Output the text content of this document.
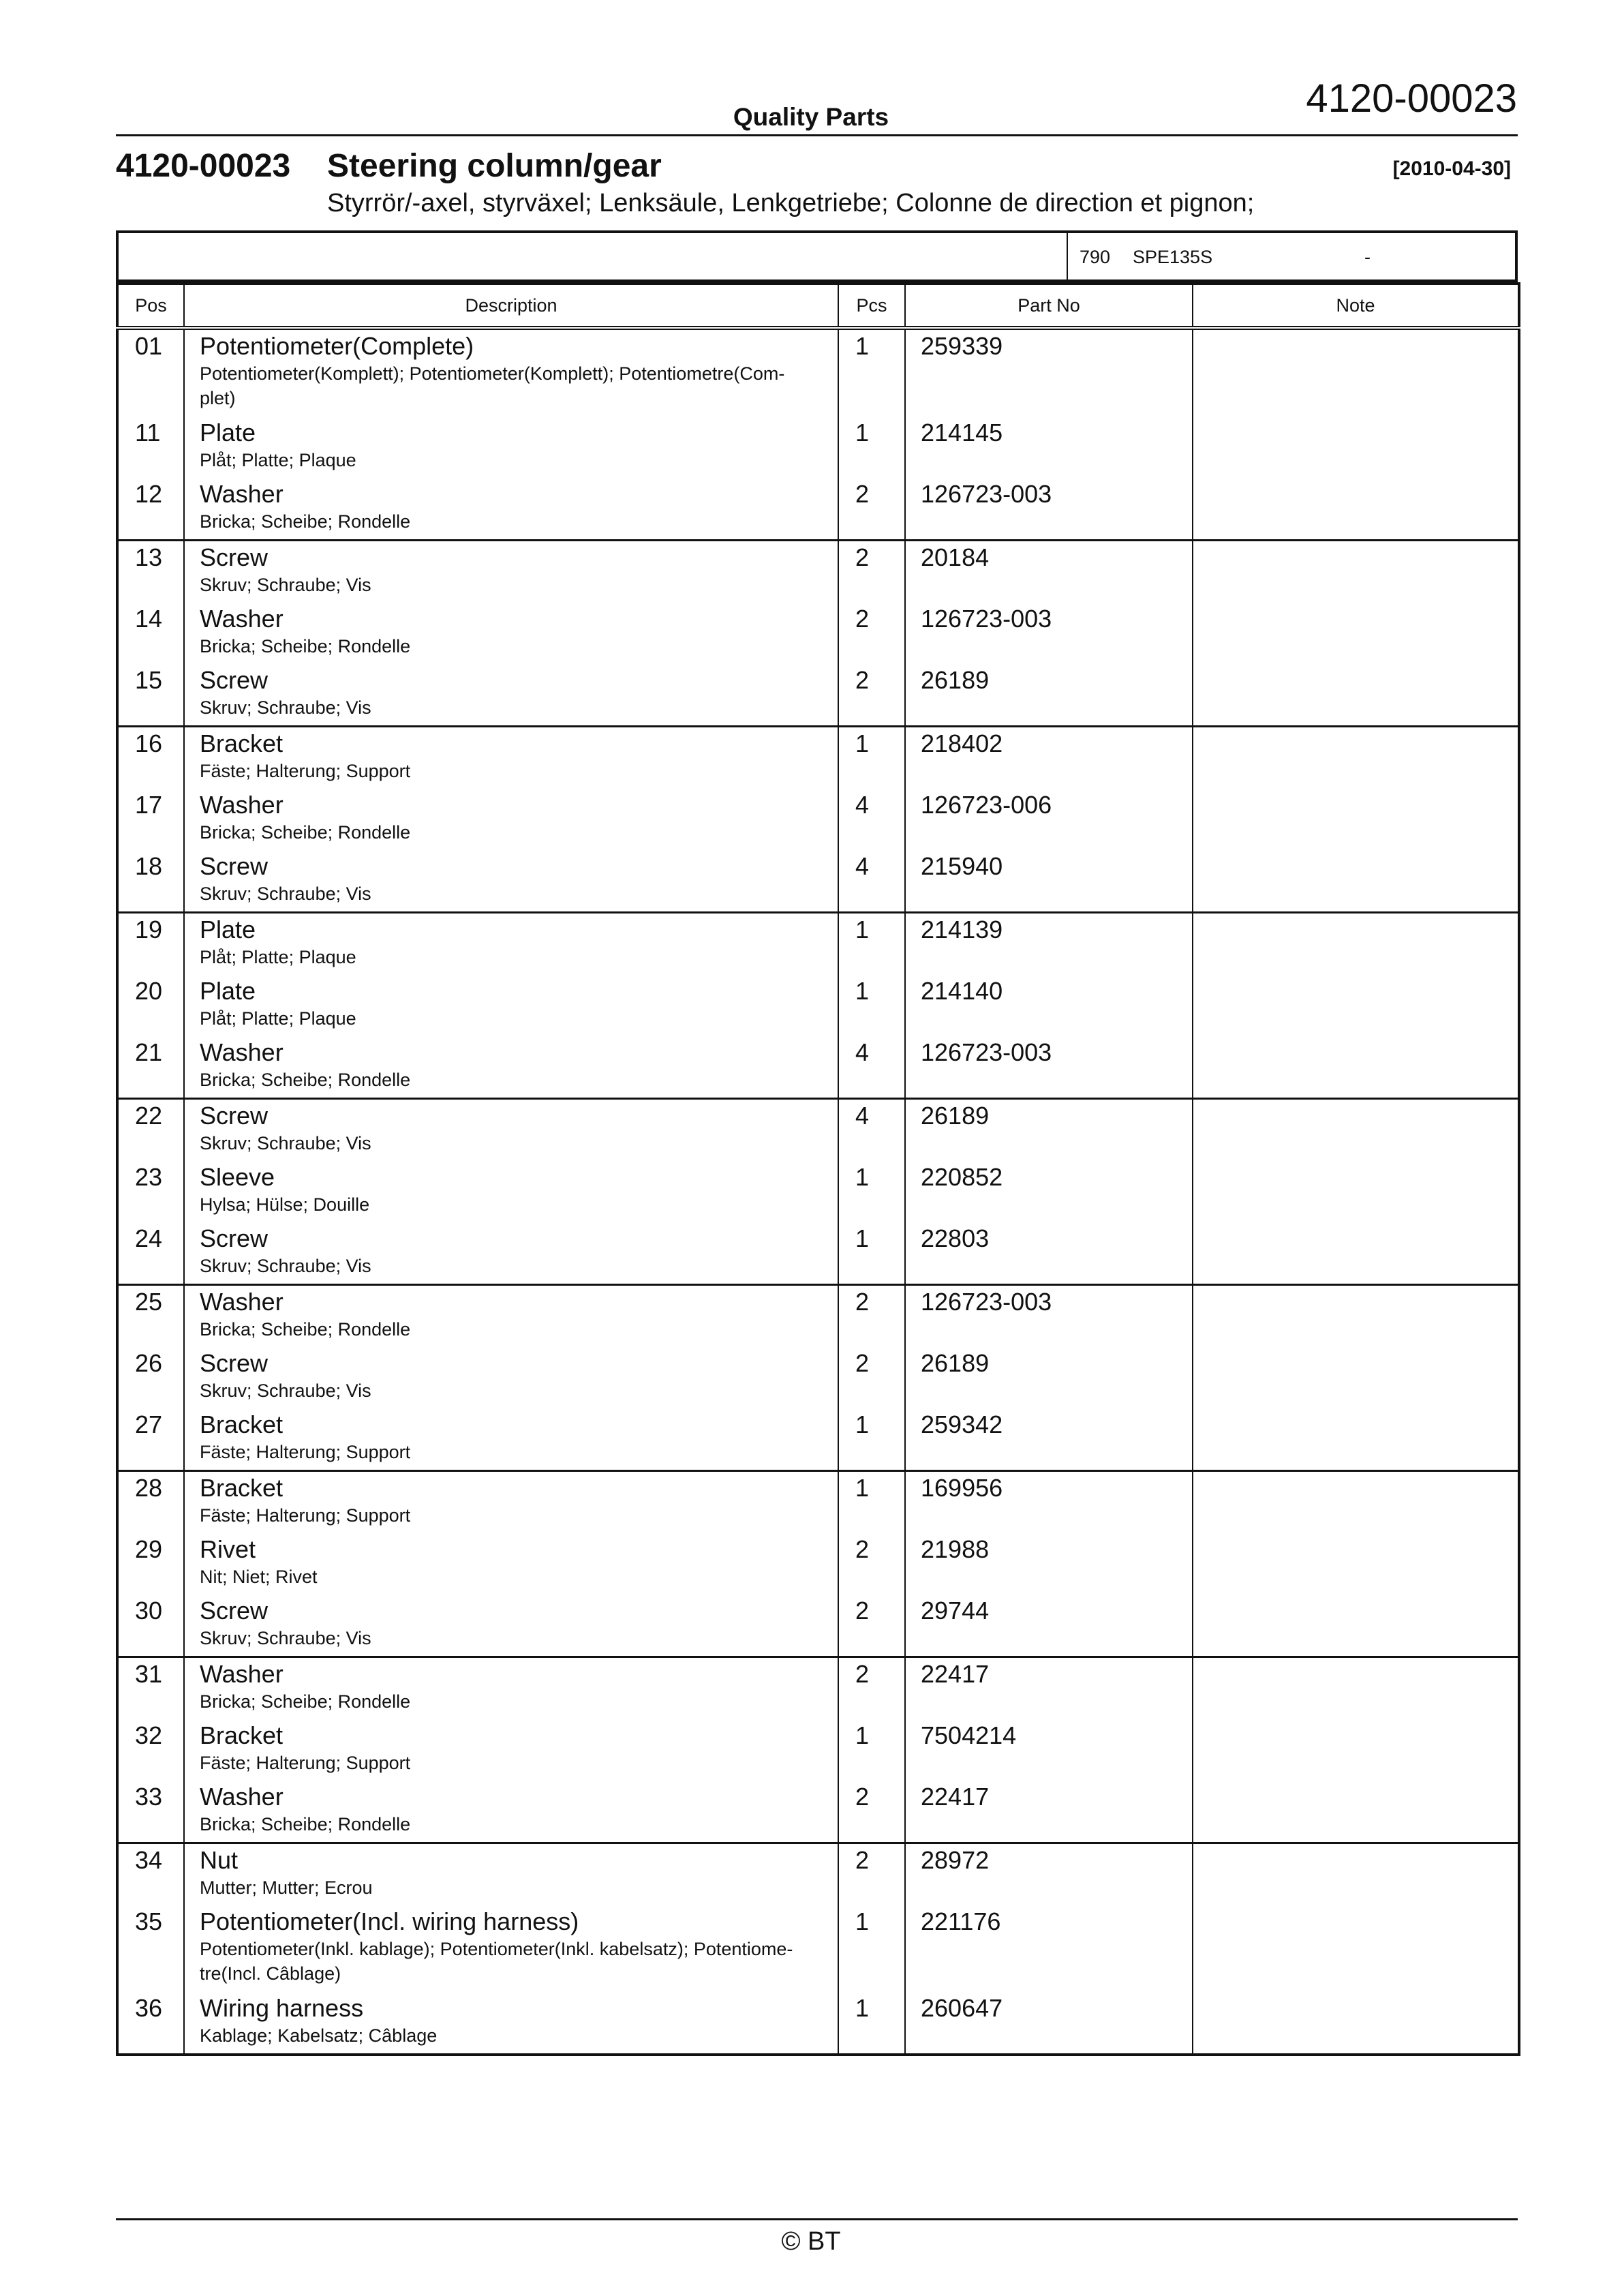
4120-00023
Quality Parts
4120-00023 Steering column/gear	[2010-04-30]
Styrrör/-axel, styrväxel; Lenksäule, Lenkgetriebe; Colonne de direction et pignon;
790 SPE135S	-
Pos	Description	Pcs	Part No	Note
01	Potentiometer(Complete)
Potentiometer(Komplett); Potentiometer(Komplett); Potentiometre(Com-
plet)	1	259339	
11	Plate
Plåt; Platte; Plaque	1	214145	
12	Washer
Bricka; Scheibe; Rondelle	2	126723-003	
13	Screw
Skruv; Schraube; Vis	2	20184	
14	Washer
Bricka; Scheibe; Rondelle	2	126723-003	
15	Screw
Skruv; Schraube; Vis	2	26189	
16	Bracket
Fäste; Halterung; Support	1	218402	
17	Washer
Bricka; Scheibe; Rondelle	4	126723-006	
18	Screw
Skruv; Schraube; Vis	4	215940	
19	Plate
Plåt; Platte; Plaque	1	214139	
20	Plate
Plåt; Platte; Plaque	1	214140	
21	Washer
Bricka; Scheibe; Rondelle	4	126723-003	
22	Screw
Skruv; Schraube; Vis	4	26189	
23	Sleeve
Hylsa; Hülse; Douille	1	220852	
24	Screw
Skruv; Schraube; Vis	1	22803	
25	Washer
Bricka; Scheibe; Rondelle	2	126723-003	
26	Screw
Skruv; Schraube; Vis	2	26189	
27	Bracket
Fäste; Halterung; Support	1	259342	
28	Bracket
Fäste; Halterung; Support	1	169956	
29	Rivet
Nit; Niet; Rivet	2	21988	
30	Screw
Skruv; Schraube; Vis	2	29744	
31	Washer
Bricka; Scheibe; Rondelle	2	22417	
32	Bracket
Fäste; Halterung; Support	1	7504214	
33	Washer
Bricka; Scheibe; Rondelle	2	22417	
34	Nut
Mutter; Mutter; Ecrou	2	28972	
35	Potentiometer(Incl. wiring harness)
Potentiometer(Inkl. kablage); Potentiometer(Inkl. kabelsatz); Potentiome-
tre(Incl. Câblage)	1	221176	
36	Wiring harness
Kablage; Kabelsatz; Câblage	1	260647	
© BT
